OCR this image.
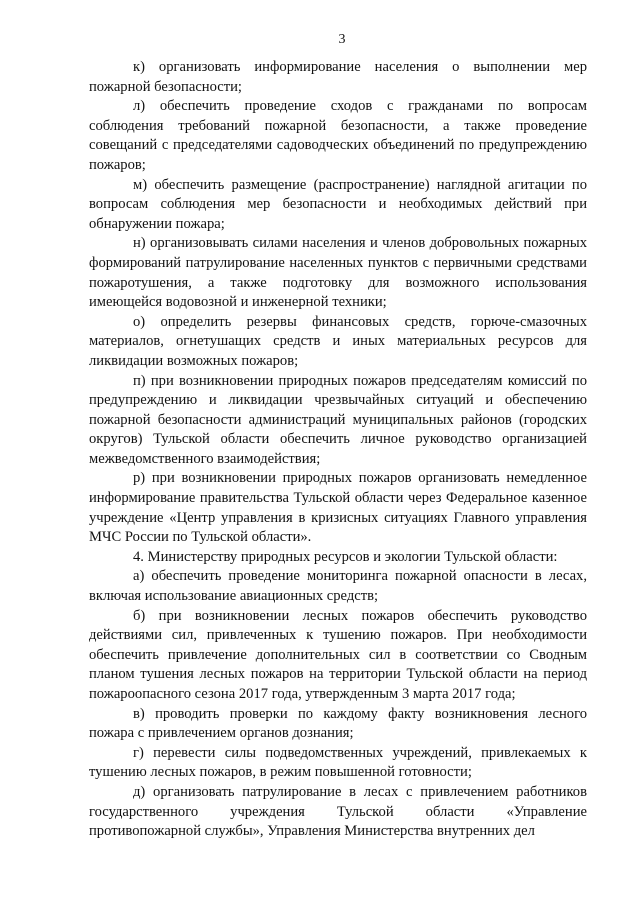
3

к) организовать информирование населения о выполнении мер пожарной безопасности;

л) обеспечить проведение сходов с гражданами по вопросам соблюдения требований пожарной безопасности, а также проведение совещаний с председателями садоводческих объединений по предупреждению пожаров;

м) обеспечить размещение (распространение) наглядной агитации по вопросам соблюдения мер безопасности и необходимых действий при обнаружении пожара;

н) организовывать силами населения и членов добровольных пожарных формирований патрулирование населенных пунктов с первичными средствами пожаротушения, а также подготовку для возможного использования имеющейся водовозной и инженерной техники;

о) определить резервы финансовых средств, горюче-смазочных материалов, огнетушащих средств и иных материальных ресурсов для ликвидации возможных пожаров;

п) при возникновении природных пожаров председателям комиссий по предупреждению и ликвидации чрезвычайных ситуаций и обеспечению пожарной безопасности администраций муниципальных районов (городских округов) Тульской области обеспечить личное руководство организацией межведомственного взаимодействия;

р) при возникновении природных пожаров организовать немедленное информирование правительства Тульской области через Федеральное казенное учреждение «Центр управления в кризисных ситуациях Главного управления МЧС России по Тульской области».

4. Министерству природных ресурсов и экологии Тульской области:

а) обеспечить проведение мониторинга пожарной опасности в лесах, включая использование авиационных средств;

б) при возникновении лесных пожаров обеспечить руководство действиями сил, привлеченных к тушению пожаров. При необходимости обеспечить привлечение дополнительных сил в соответствии со Сводным планом тушения лесных пожаров на территории Тульской области на период пожароопасного сезона 2017 года, утвержденным 3 марта 2017 года;

в) проводить проверки по каждому факту возникновения лесного пожара с привлечением органов дознания;

г) перевести силы подведомственных учреждений, привлекаемых к тушению лесных пожаров, в режим повышенной готовности;

д) организовать патрулирование в лесах с привлечением работников государственного учреждения Тульской области «Управление противопожарной службы», Управления Министерства внутренних дел
